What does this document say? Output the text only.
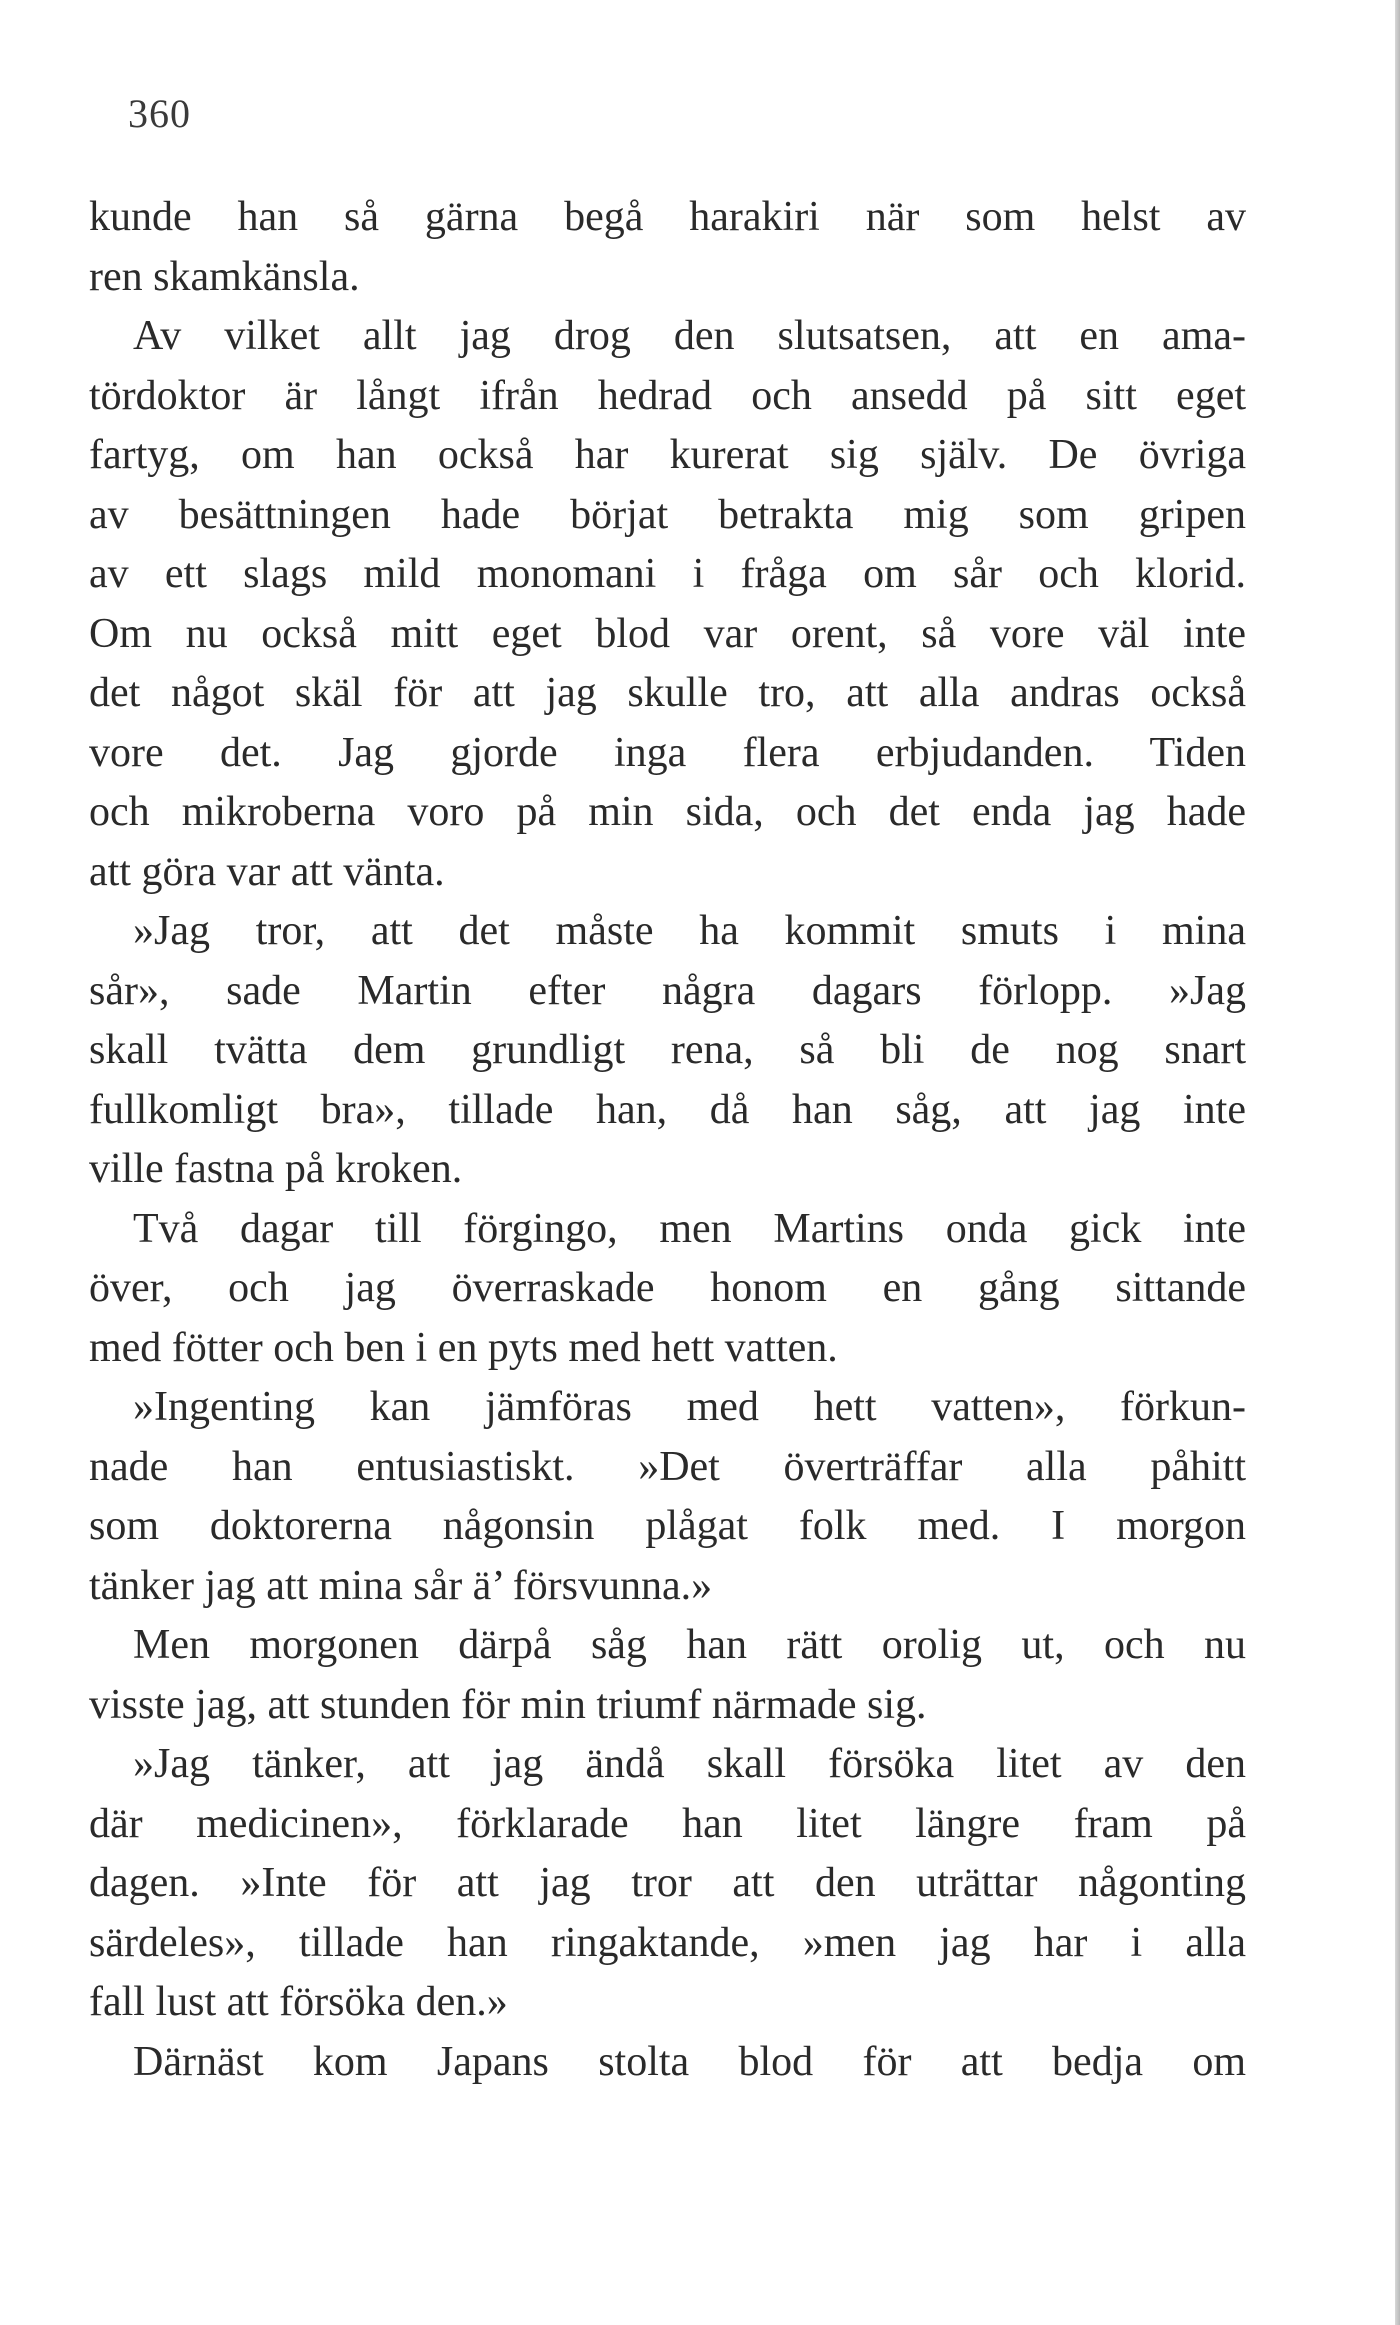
360
kunde han så gärna begå harakiri när som helst av
ren skamkänsla.
Av vilket allt jag drog den slutsatsen, att en ama-
tördoktor är långt ifrån hedrad och ansedd på sitt eget
fartyg, om han också har kurerat sig själv. De övriga
av besättningen hade börjat betrakta mig som gripen
av ett slags mild monomani i fråga om sår och klorid.
Om nu också mitt eget blod var orent, så vore väl inte
det något skäl för att jag skulle tro, att alla andras också
vore det. Jag gjorde inga flera erbjudanden. Tiden
och mikroberna voro på min sida, och det enda jag hade
att göra var att vänta.
»Jag tror, att det måste ha kommit smuts i mina
sår», sade Martin efter några dagars förlopp. »Jag
skall tvätta dem grundligt rena, så bli de nog snart
fullkomligt bra», tillade han, då han såg, att jag inte
ville fastna på kroken.
Två dagar till förgingo, men Martins onda gick inte
över, och jag överraskade honom en gång sittande
med fötter och ben i en pyts med hett vatten.
»Ingenting kan jämföras med hett vatten», förkun-
nade han entusiastiskt. »Det överträffar alla påhitt
som doktorerna någonsin plågat folk med. I morgon
tänker jag att mina sår ä’ försvunna.»
Men morgonen därpå såg han rätt orolig ut, och nu
visste jag, att stunden för min triumf närmade sig.
»Jag tänker, att jag ändå skall försöka litet av den
där medicinen», förklarade han litet längre fram på
dagen. »Inte för att jag tror att den uträttar någonting
särdeles», tillade han ringaktande, »men jag har i alla
fall lust att försöka den.»
Därnäst kom Japans stolta blod för att bedja om
